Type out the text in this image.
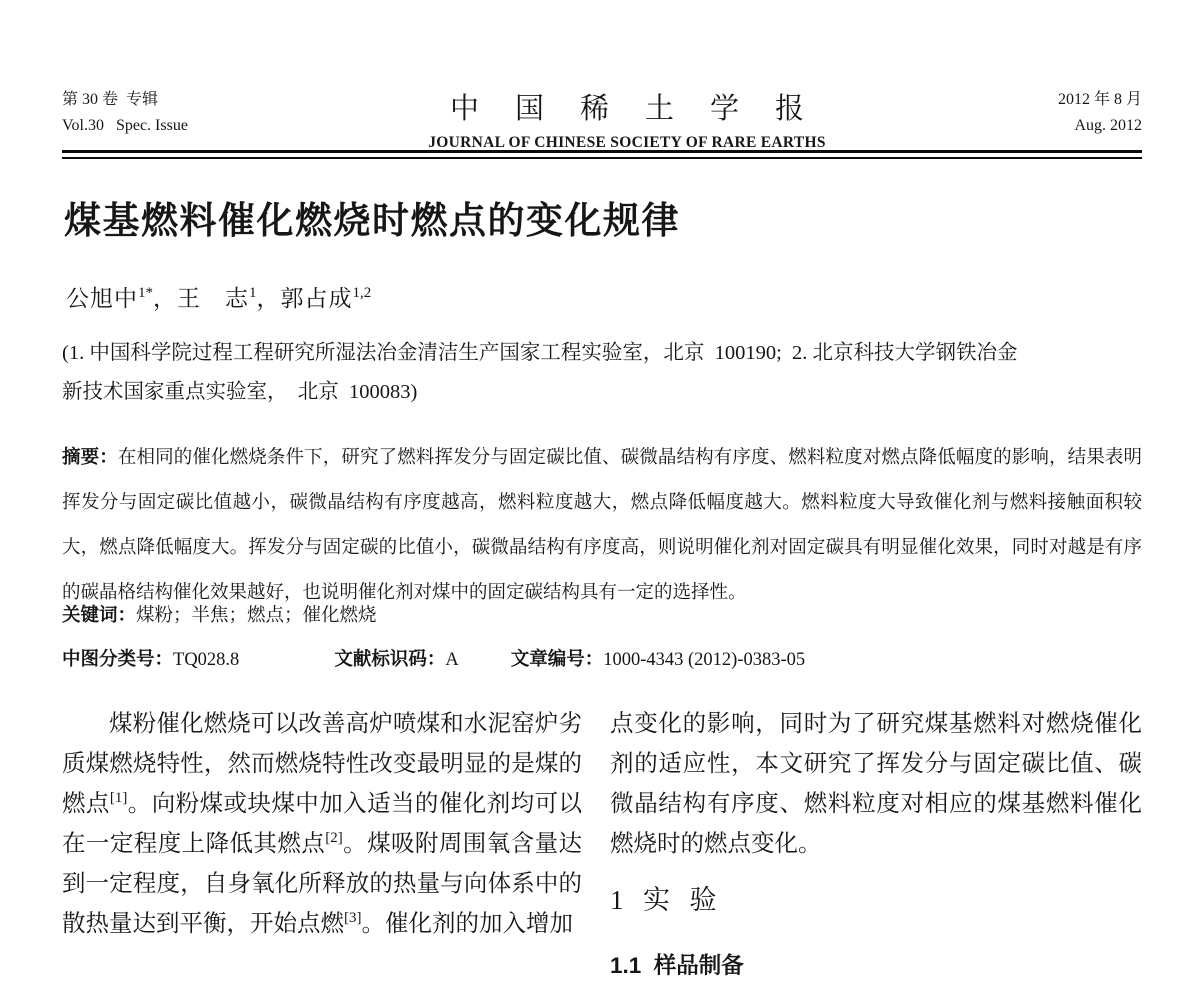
第 30 卷  专辑
Vol.30   Spec. Issue
中国稀土学报
JOURNAL OF CHINESE SOCIETY OF RARE EARTHS
2012 年 8 月
Aug. 2012
煤基燃料催化燃烧时燃点的变化规律
公旭中$^{1*}$，王　志$^1$，郭占成$^{1,2}$
(1. 中国科学院过程工程研究所湿法冶金清洁生产国家工程实验室，北京  100190;  2. 北京科技大学钢铁冶金
新技术国家重点实验室，  北京  100083)
摘要：在相同的催化燃烧条件下，研究了燃料挥发分与固定碳比值、碳微晶结构有序度、燃料粒度对燃点降低幅度的影响，结果表明挥发分与固定碳比值越小，碳微晶结构有序度越高，燃料粒度越大，燃点降低幅度越大。燃料粒度大导致催化剂与燃料接触面积较大，燃点降低幅度大。挥发分与固定碳的比值小，碳微晶结构有序度高，则说明催化剂对固定碳具有明显催化效果，同时对越是有序的碳晶格结构催化效果越好，也说明催化剂对煤中的固定碳结构具有一定的选择性。
关键词：煤粉；半焦；燃点；催化燃烧
中图分类号：TQ028.8	文献标识码：A	文章编号：1000-4343 (2012)-0383-05

煤粉催化燃烧可以改善高炉喷煤和水泥窑炉劣质煤燃烧特性，然而燃烧特性改变最明显的是煤的燃点[1]。向粉煤或块煤中加入适当的催化剂均可以在一定程度上降低其燃点[2]。煤吸附周围氧含量达到一定程度，自身氧化所释放的热量与向体系中的散热量达到平衡，开始点燃[3]。催化剂的加入增加

点变化的影响，同时为了研究煤基燃料对燃烧催化剂的适应性，本文研究了挥发分与固定碳比值、碳微晶结构有序度、燃料粒度对相应的煤基燃料催化燃烧时的燃点变化。

1  实  验
1.1  样品制备
